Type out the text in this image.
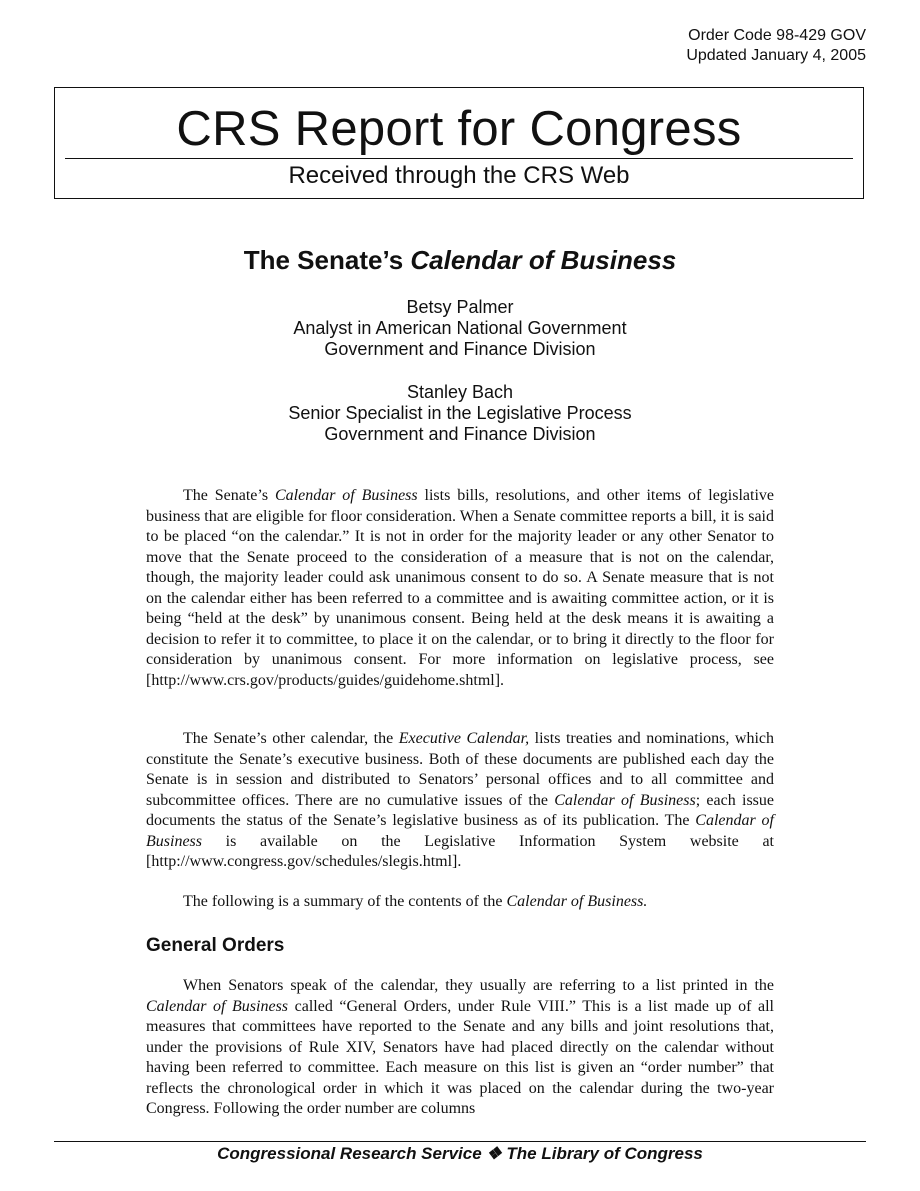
Order Code 98-429 GOV
Updated January 4, 2005
CRS Report for Congress
Received through the CRS Web
The Senate’s Calendar of Business
Betsy Palmer
Analyst in American National Government
Government and Finance Division
Stanley Bach
Senior Specialist in the Legislative Process
Government and Finance Division

The Senate’s Calendar of Business lists bills, resolutions, and other items of legislative business that are eligible for floor consideration. When a Senate committee reports a bill, it is said to be placed “on the calendar.” It is not in order for the majority leader or any other Senator to move that the Senate proceed to the consideration of a measure that is not on the calendar, though, the majority leader could ask unanimous consent to do so. A Senate measure that is not on the calendar either has been referred to a committee and is awaiting committee action, or it is being “held at the desk” by unanimous consent. Being held at the desk means it is awaiting a decision to refer it to committee, to place it on the calendar, or to bring it directly to the floor for consideration by unanimous consent. For more information on legislative process, see [http://www.crs.gov/products/guides/guidehome.shtml].

The Senate’s other calendar, the Executive Calendar, lists treaties and nominations, which constitute the Senate’s executive business. Both of these documents are published each day the Senate is in session and distributed to Senators’ personal offices and to all committee and subcommittee offices. There are no cumulative issues of the Calendar of Business; each issue documents the status of the Senate’s legislative business as of its publication. The Calendar of Business is available on the Legislative Information System website at [http://www.congress.gov/schedules/slegis.html].

The following is a summary of the contents of the Calendar of Business.

General Orders

When Senators speak of the calendar, they usually are referring to a list printed in the Calendar of Business called “General Orders, under Rule VIII.” This is a list made up of all measures that committees have reported to the Senate and any bills and joint resolutions that, under the provisions of Rule XIV, Senators have had placed directly on the calendar without having been referred to committee. Each measure on this list is given an “order number” that reflects the chronological order in which it was placed on the calendar during the two-year Congress. Following the order number are columns

Congressional Research Service ❖ The Library of Congress
